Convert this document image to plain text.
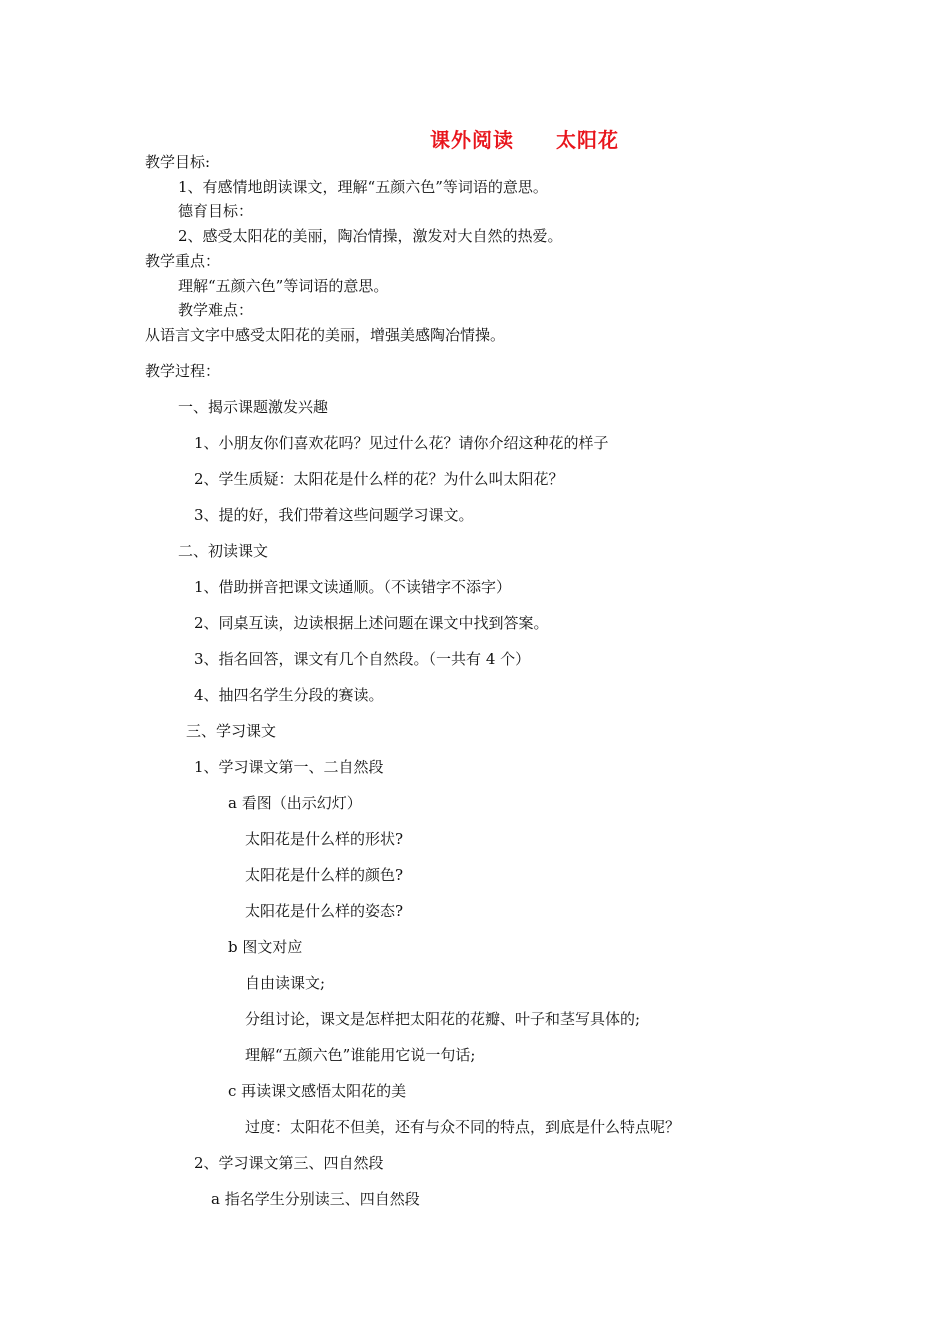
课外阅读　　太阳花
教学目标:
1、有感情地朗读课文，理解“五颜六色”等词语的意思。
德育目标：
2、感受太阳花的美丽，陶冶情操，激发对大自然的热爱。
教学重点：
理解“五颜六色”等词语的意思。
教学难点：
从语言文字中感受太阳花的美丽，增强美感陶冶情操。
教学过程：
一、揭示课题激发兴趣
1、小朋友你们喜欢花吗？见过什么花？请你介绍这种花的样子
2、学生质疑：太阳花是什么样的花？为什么叫太阳花？
3、提的好，我们带着这些问题学习课文。
二、初读课文
1、借助拼音把课文读通顺。（不读错字不添字）
2、同桌互读，边读根据上述问题在课文中找到答案。
3、指名回答，课文有几个自然段。（一共有 4 个）
4、抽四名学生分段的赛读。
三、学习课文
1、学习课文第一、二自然段
a 看图（出示幻灯）
太阳花是什么样的形状?
太阳花是什么样的颜色?
太阳花是什么样的姿态?
b 图文对应
自由读课文;
分组讨论，课文是怎样把太阳花的花瓣、叶子和茎写具体的;
理解“五颜六色”谁能用它说一句话;
c 再读课文感悟太阳花的美
过度：太阳花不但美，还有与众不同的特点，到底是什么特点呢？
2、学习课文第三、四自然段
a 指名学生分别读三、四自然段
